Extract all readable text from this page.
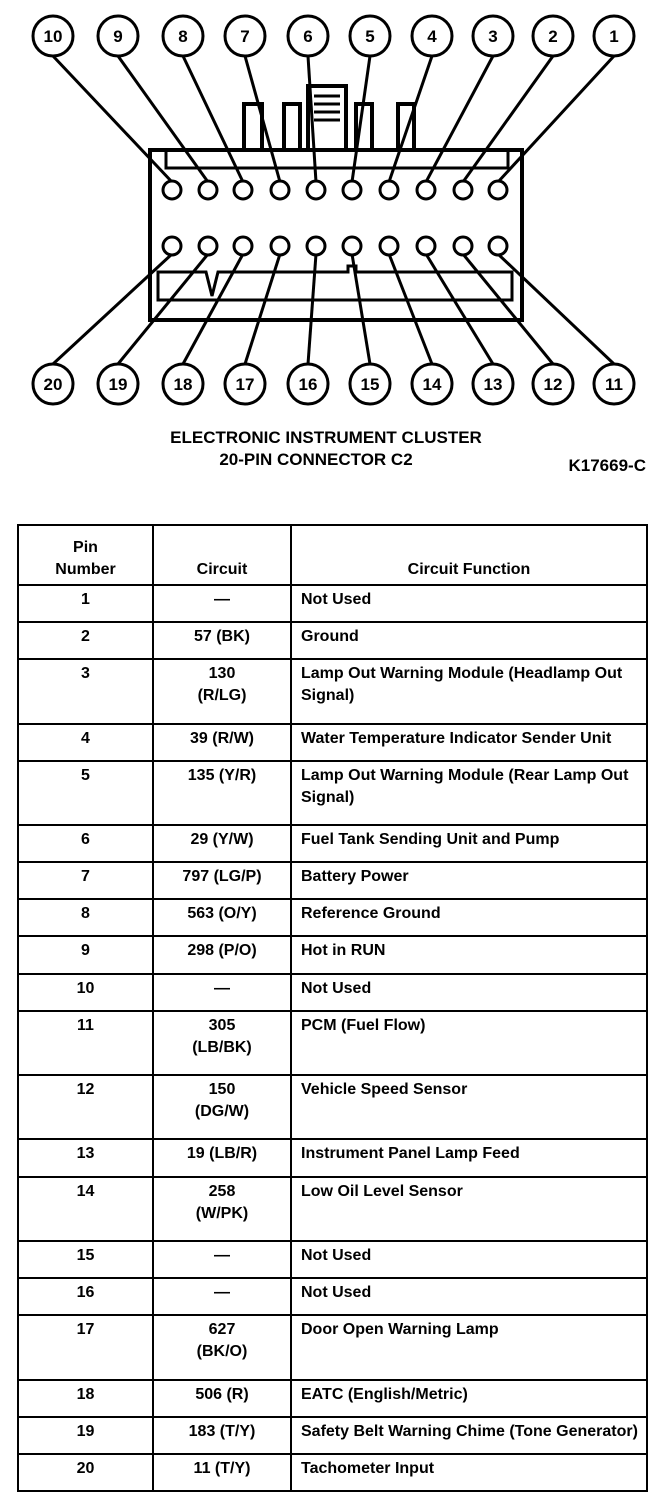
10	9	8	7	6	5	4	3	2	1
20	19	18	17	16	15	14 13 12	11
ELECTRONIC INSTRUMENT CLUSTER
20-PIN CONNECTOR C2	K17669-C
Pin
Number	Circuit	Circuit Function
1	—	Not Used
2	57 (BK)	Ground
3	130
(R/LG)	Lamp Out Warning Module (Headlamp Out Signal)
4	39 (R/W)	Water Temperature Indicator Sender Unit
5	135 (Y/R)	Lamp Out Warning Module (Rear Lamp Out Signal)
6	29 (Y/W)	Fuel Tank Sending Unit and Pump
7	797 (LG/P)	Battery Power
8	563 (O/Y)	Reference Ground
9	298 (P/O)	Hot in RUN
10	—	Not Used
11	305
(LB/BK)	PCM (Fuel Flow)
12	150
(DG/W)	Vehicle Speed Sensor
13	19 (LB/R)	Instrument Panel Lamp Feed
14	258
(W/PK)	Low Oil Level Sensor
15	—	Not Used
16	—	Not Used
17	627
(BK/O)	Door Open Warning Lamp
18	506 (R)	EATC (English/Metric)
19	183 (T/Y)	Safety Belt Warning Chime (Tone Generator)
20	11 (T/Y)	Tachometer Input
